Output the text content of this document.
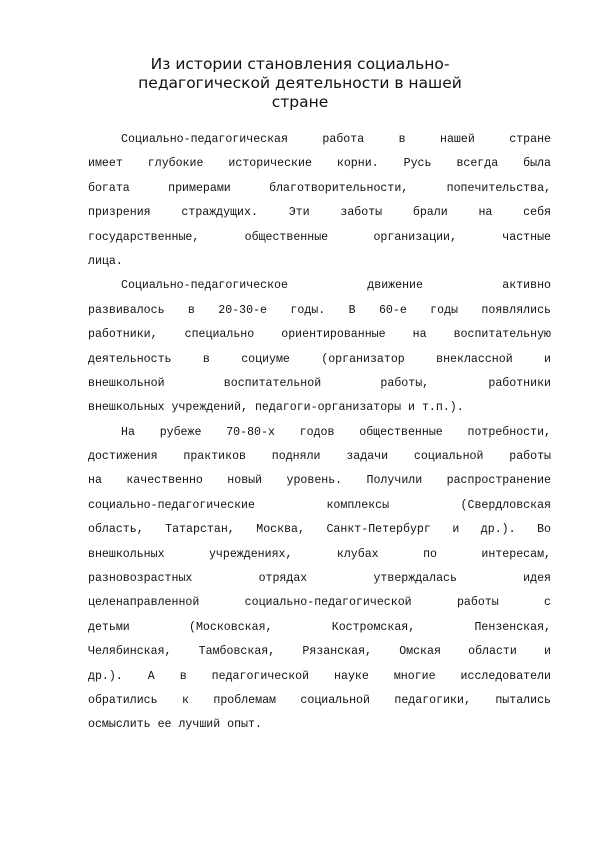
Из истории становления социально-
педагогической деятельности в нашей
стране
Социально-педагогическая работа в нашей стране
имеет глубокие исторические корни. Русь всегда была
богата примерами благотворительности, попечительства,
призрения страждущих. Эти заботы брали на себя
государственные, общественные организации, частные
лица.
Социально-педагогическое движение активно
развивалось в 20-30-е годы. В 60-е годы появлялись
работники, специально ориентированные на воспитательную
деятельность в социуме (организатор внеклассной и
внешкольной воспитательной работы, работники
внешкольных учреждений, педагоги-организаторы и т.п.).
На рубеже 70-80-х годов общественные потребности,
достижения практиков подняли задачи социальной работы
на качественно новый уровень. Получили распространение
социально-педагогические комплексы (Свердловская
область, Татарстан, Москва, Санкт-Петербург и др.). Во
внешкольных учреждениях, клубах по интересам,
разновозрастных отрядах утверждалась идея
целенаправленной социально-педагогической работы с
детьми (Московская, Костромская, Пензенская,
Челябинская, Тамбовская, Рязанская, Омская области и
др.). А в педагогической науке многие исследователи
обратились к проблемам социальной педагогики, пытались
осмыслить ее лучший опыт.
